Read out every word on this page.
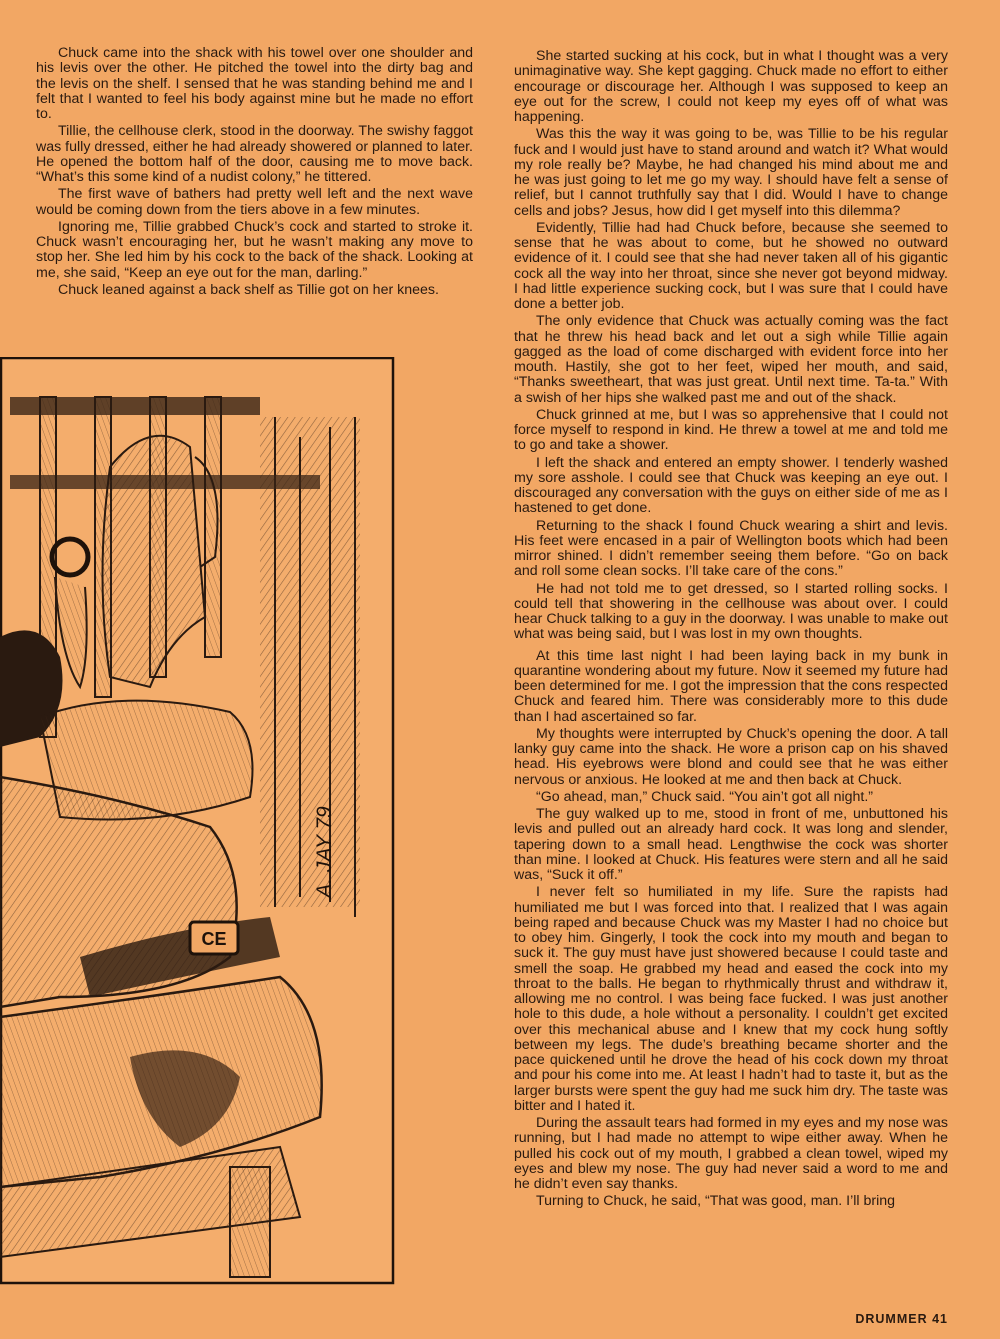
Chuck came into the shack with his towel over one shoulder and his levis over the other. He pitched the towel into the dirty bag and the levis on the shelf. I sensed that he was standing behind me and I felt that I wanted to feel his body against mine but he made no effort to.

Tillie, the cellhouse clerk, stood in the doorway. The swishy faggot was fully dressed, either he had already showered or planned to later. He opened the bottom half of the door, causing me to move back. “What’s this some kind of a nudist colony,” he tittered.

The first wave of bathers had pretty well left and the next wave would be coming down from the tiers above in a few minutes.

Ignoring me, Tillie grabbed Chuck’s cock and started to stroke it. Chuck wasn’t encouraging her, but he wasn’t making any move to stop her. She led him by his cock to the back of the shack. Looking at me, she said, “Keep an eye out for the man, darling.”

Chuck leaned against a back shelf as Tillie got on her knees.

She started sucking at his cock, but in what I thought was a very unimaginative way. She kept gagging. Chuck made no effort to either encourage or discourage her. Although I was supposed to keep an eye out for the screw, I could not keep my eyes off of what was happening.

Was this the way it was going to be, was Tillie to be his regular fuck and I would just have to stand around and watch it? What would my role really be? Maybe, he had changed his mind about me and he was just going to let me go my way. I should have felt a sense of relief, but I cannot truthfully say that I did. Would I have to change cells and jobs? Jesus, how did I get myself into this dilemma?

Evidently, Tillie had had Chuck before, because she seemed to sense that he was about to come, but he showed no outward evidence of it. I could see that she had never taken all of his gigantic cock all the way into her throat, since she never got beyond midway. I had little experience sucking cock, but I was sure that I could have done a better job.

The only evidence that Chuck was actually coming was the fact that he threw his head back and let out a sigh while Tillie again gagged as the load of come discharged with evident force into her mouth. Hastily, she got to her feet, wiped her mouth, and said, “Thanks sweetheart, that was just great. Until next time. Ta-ta.” With a swish of her hips she walked past me and out of the shack.

Chuck grinned at me, but I was so apprehensive that I could not force myself to respond in kind. He threw a towel at me and told me to go and take a shower.

I left the shack and entered an empty shower. I tenderly washed my sore asshole. I could see that Chuck was keeping an eye out. I discouraged any conversation with the guys on either side of me as I hastened to get done.

Returning to the shack I found Chuck wearing a shirt and levis. His feet were encased in a pair of Wellington boots which had been mirror shined. I didn’t remember seeing them before. “Go on back and roll some clean socks. I’ll take care of the cons.”

He had not told me to get dressed, so I started rolling socks. I could tell that showering in the cellhouse was about over. I could hear Chuck talking to a guy in the doorway. I was unable to make out what was being said, but I was lost in my own thoughts.

At this time last night I had been laying back in my bunk in quarantine wondering about my future. Now it seemed my future had been determined for me. I got the impression that the cons respected Chuck and feared him. There was considerably more to this dude than I had ascertained so far.

My thoughts were interrupted by Chuck’s opening the door. A tall lanky guy came into the shack. He wore a prison cap on his shaved head. His eyebrows were blond and could see that he was either nervous or anxious. He looked at me and then back at Chuck.

“Go ahead, man,” Chuck said. “You ain’t got all night.”

The guy walked up to me, stood in front of me, unbuttoned his levis and pulled out an already hard cock. It was long and slender, tapering down to a small head. Lengthwise the cock was shorter than mine. I looked at Chuck. His features were stern and all he said was, “Suck it off.”

I never felt so humiliated in my life. Sure the rapists had humiliated me but I was forced into that. I realized that I was again being raped and because Chuck was my Master I had no choice but to obey him. Gingerly, I took the cock into my mouth and began to suck it. The guy must have just showered because I could taste and smell the soap. He grabbed my head and eased the cock into my throat to the balls. He began to rhythmically thrust and withdraw it, allowing me no control. I was being face fucked. I was just another hole to this dude, a hole without a personality. I couldn’t get excited over this mechanical abuse and I knew that my cock hung softly between my legs. The dude’s breathing became shorter and the pace quickened until he drove the head of his cock down my throat and pour his come into me. At least I hadn’t had to taste it, but as the larger bursts were spent the guy had me suck him dry. The taste was bitter and I hated it.

During the assault tears had formed in my eyes and my nose was running, but I had made no attempt to wipe either away. When he pulled his cock out of my mouth, I grabbed a clean towel, wiped my eyes and blew my nose. The guy had never said a word to me and he didn’t even say thanks.

Turning to Chuck, he said, “That was good, man. I’ll bring

CE
A. JAY 79
DRUMMER 41
